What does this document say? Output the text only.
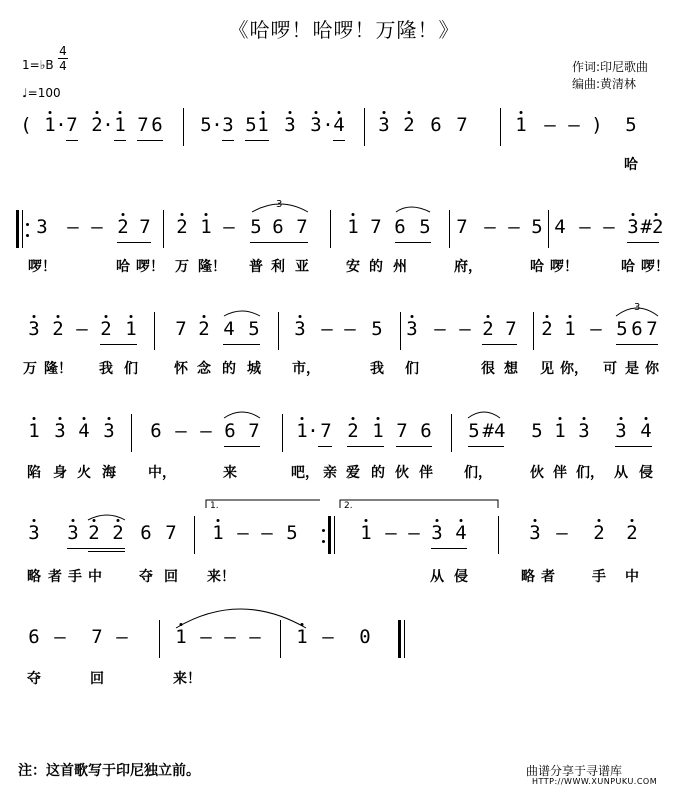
《哈啰！哈啰！万隆！》
1=♭B $\frac{4}{4}$
♩=100
作词:印尼歌曲
编曲:黄清林
( 1 · 7 2 · 1 7 6 5 · 3 5 1 3 3 · 4 3 2 6 7	1 – – ) 5
哈
3 – – 2 7 2 1 – 5 6 7 1 7 6 5 7 – – 5 4 – – 3 #2
啰！	哈 啰！ 万 隆！ 普 利 亚	安 的 州	府，	哈 啰！	哈 啰！
3 2 – 2 1 7 2 4 5 3 – – 5 3 – – 2 7 2 1 – 5 6 7
万 隆！ 我 们	怀 念 的 城 市，	我 们	很 想 见 你， 可 是 你
1 3 4 3 6 – – 6 7 1 · 7 2 1 7 6 5 #4 5 1 3 3 4
陷 身 火 海 中，	来	吧， 亲 爱 的 伙 伴 们，	伙 伴 们， 从 侵
3 3 2 2 6 7 1 – – 5	1 – – 3 4	3 – 2 2
略 者 手 中	夺 回 来！	从 侵	略 者	手 中
6 – 7 –	1 – – – 1 – 0
夺	回	来！
3
3
1.	2.
注：这首歌写于印尼独立前。	曲谱分享于寻谱库
HTTP://WWW.XUNPUKU.COM
